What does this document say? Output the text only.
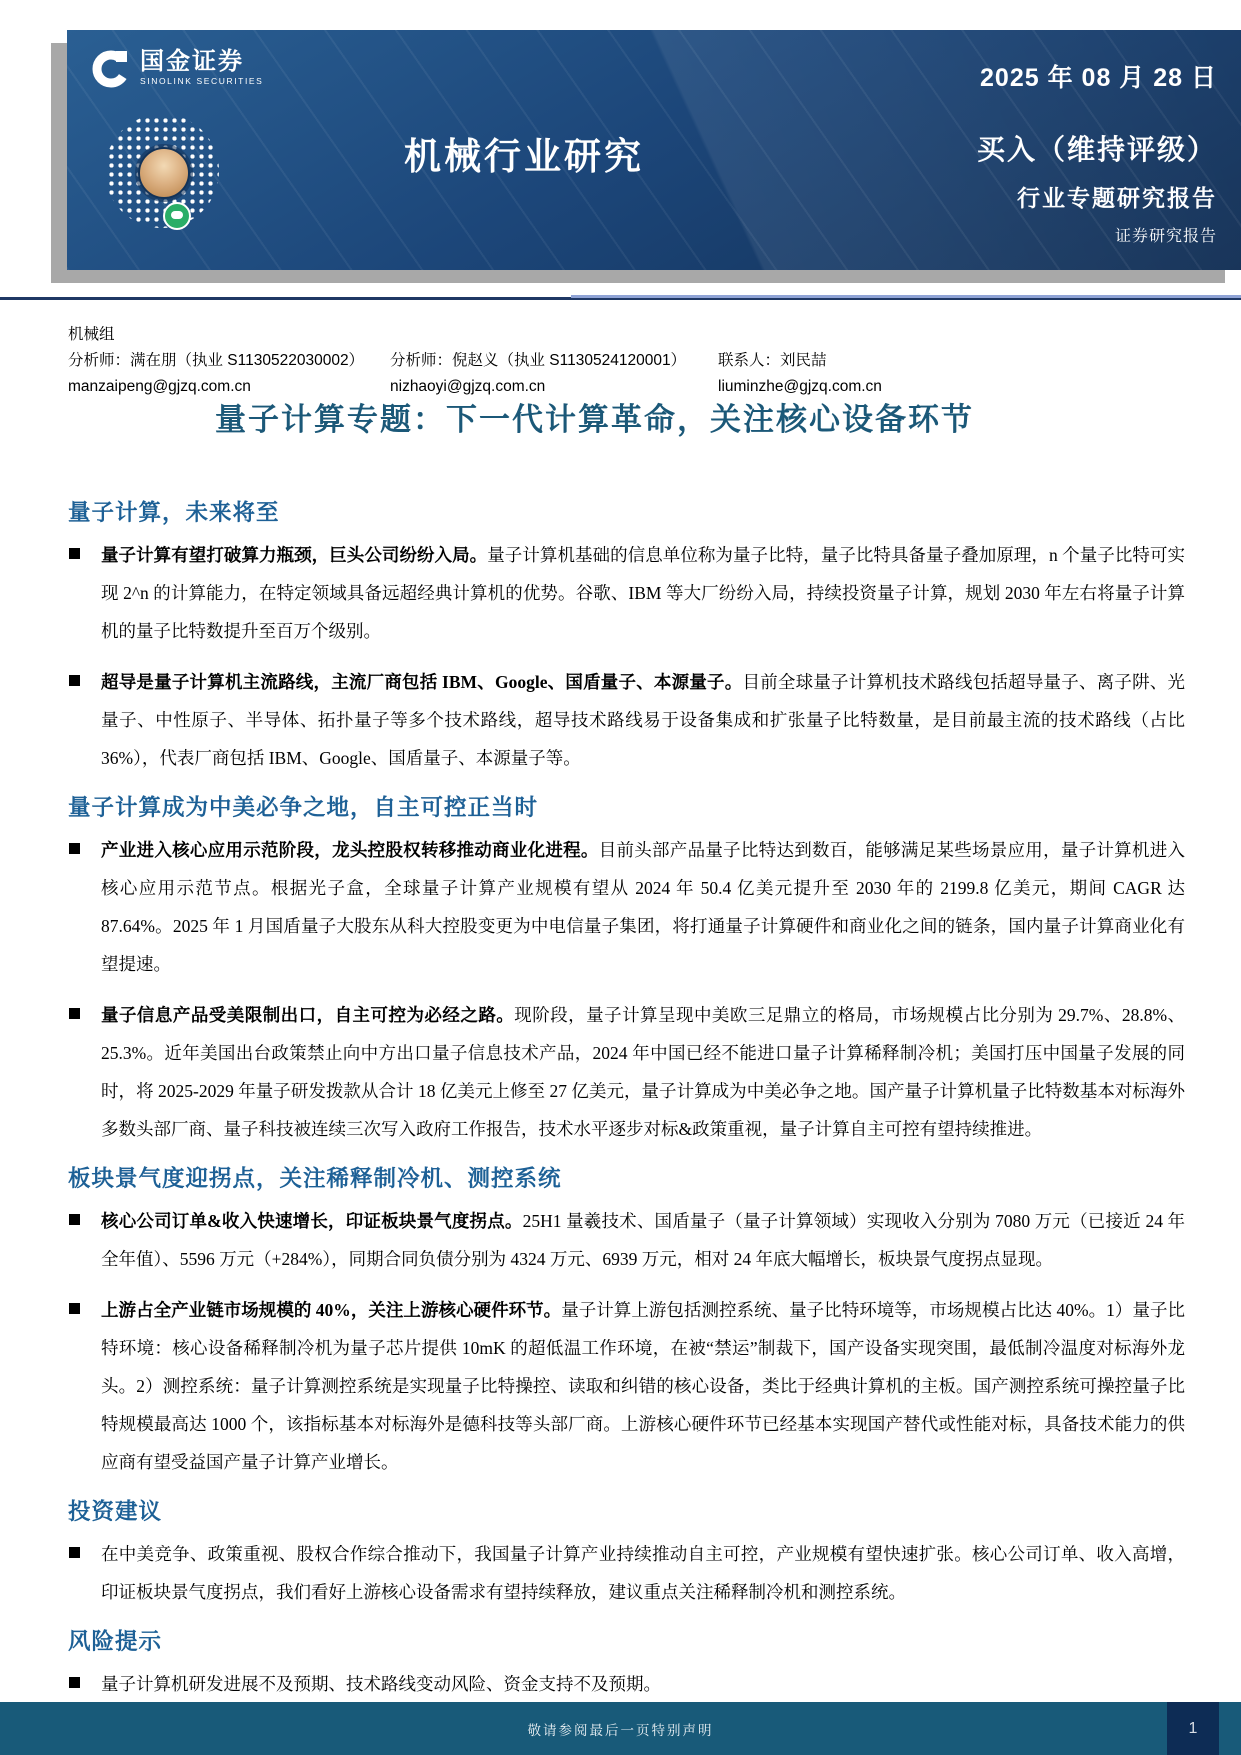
国金证券
SINOLINK SECURITIES
机械行业研究
2025 年 08 月 28 日
买入（维持评级）
行业专题研究报告
证券研究报告
机械组
分析师：满在朋（执业 S1130522030002）	分析师：倪赵义（执业 S1130524120001）	联系人：刘民喆
manzaipeng@gjzq.com.cn	nizhaoyi@gjzq.com.cn	liuminzhe@gjzq.com.cn
量子计算专题：下一代计算革命，关注核心设备环节
量子计算，未来将至

量子计算有望打破算力瓶颈，巨头公司纷纷入局。量子计算机基础的信息单位称为量子比特，量子比特具备量子叠加原理，n 个量子比特可实现 2^n 的计算能力，在特定领域具备远超经典计算机的优势。谷歌、IBM 等大厂纷纷入局，持续投资量子计算，规划 2030 年左右将量子计算机的量子比特数提升至百万个级别。

超导是量子计算机主流路线，主流厂商包括 IBM、Google、国盾量子、本源量子。目前全球量子计算机技术路线包括超导量子、离子阱、光量子、中性原子、半导体、拓扑量子等多个技术路线，超导技术路线易于设备集成和扩张量子比特数量，是目前最主流的技术路线（占比 36%），代表厂商包括 IBM、Google、国盾量子、本源量子等。

量子计算成为中美必争之地，自主可控正当时

产业进入核心应用示范阶段，龙头控股权转移推动商业化进程。目前头部产品量子比特达到数百，能够满足某些场景应用，量子计算机进入核心应用示范节点。根据光子盒，全球量子计算产业规模有望从 2024 年 50.4 亿美元提升至 2030 年的 2199.8 亿美元，期间 CAGR 达 87.64%。2025 年 1 月国盾量子大股东从科大控股变更为中电信量子集团，将打通量子计算硬件和商业化之间的链条，国内量子计算商业化有望提速。

量子信息产品受美限制出口，自主可控为必经之路。现阶段，量子计算呈现中美欧三足鼎立的格局，市场规模占比分别为 29.7%、28.8%、25.3%。近年美国出台政策禁止向中方出口量子信息技术产品，2024 年中国已经不能进口量子计算稀释制冷机；美国打压中国量子发展的同时，将 2025-2029 年量子研发拨款从合计 18 亿美元上修至 27 亿美元，量子计算成为中美必争之地。国产量子计算机量子比特数基本对标海外多数头部厂商、量子科技被连续三次写入政府工作报告，技术水平逐步对标&政策重视，量子计算自主可控有望持续推进。

板块景气度迎拐点，关注稀释制冷机、测控系统

核心公司订单&收入快速增长，印证板块景气度拐点。25H1 量羲技术、国盾量子（量子计算领域）实现收入分别为 7080 万元（已接近 24 年全年值）、5596 万元（+284%），同期合同负债分别为 4324 万元、6939 万元，相对 24 年底大幅增长，板块景气度拐点显现。

上游占全产业链市场规模的 40%，关注上游核心硬件环节。量子计算上游包括测控系统、量子比特环境等，市场规模占比达 40%。1）量子比特环境：核心设备稀释制冷机为量子芯片提供 10mK 的超低温工作环境，在被“禁运”制裁下，国产设备实现突围，最低制冷温度对标海外龙头。2）测控系统：量子计算测控系统是实现量子比特操控、读取和纠错的核心设备，类比于经典计算机的主板。国产测控系统可操控量子比特规模最高达 1000 个，该指标基本对标海外是德科技等头部厂商。上游核心硬件环节已经基本实现国产替代或性能对标，具备技术能力的供应商有望受益国产量子计算产业增长。

投资建议

在中美竞争、政策重视、股权合作综合推动下，我国量子计算产业持续推动自主可控，产业规模有望快速扩张。核心公司订单、收入高增，印证板块景气度拐点，我们看好上游核心设备需求有望持续释放，建议重点关注稀释制冷机和测控系统。

风险提示

量子计算机研发进展不及预期、技术路线变动风险、资金支持不及预期。

敬请参阅最后一页特别声明	1
